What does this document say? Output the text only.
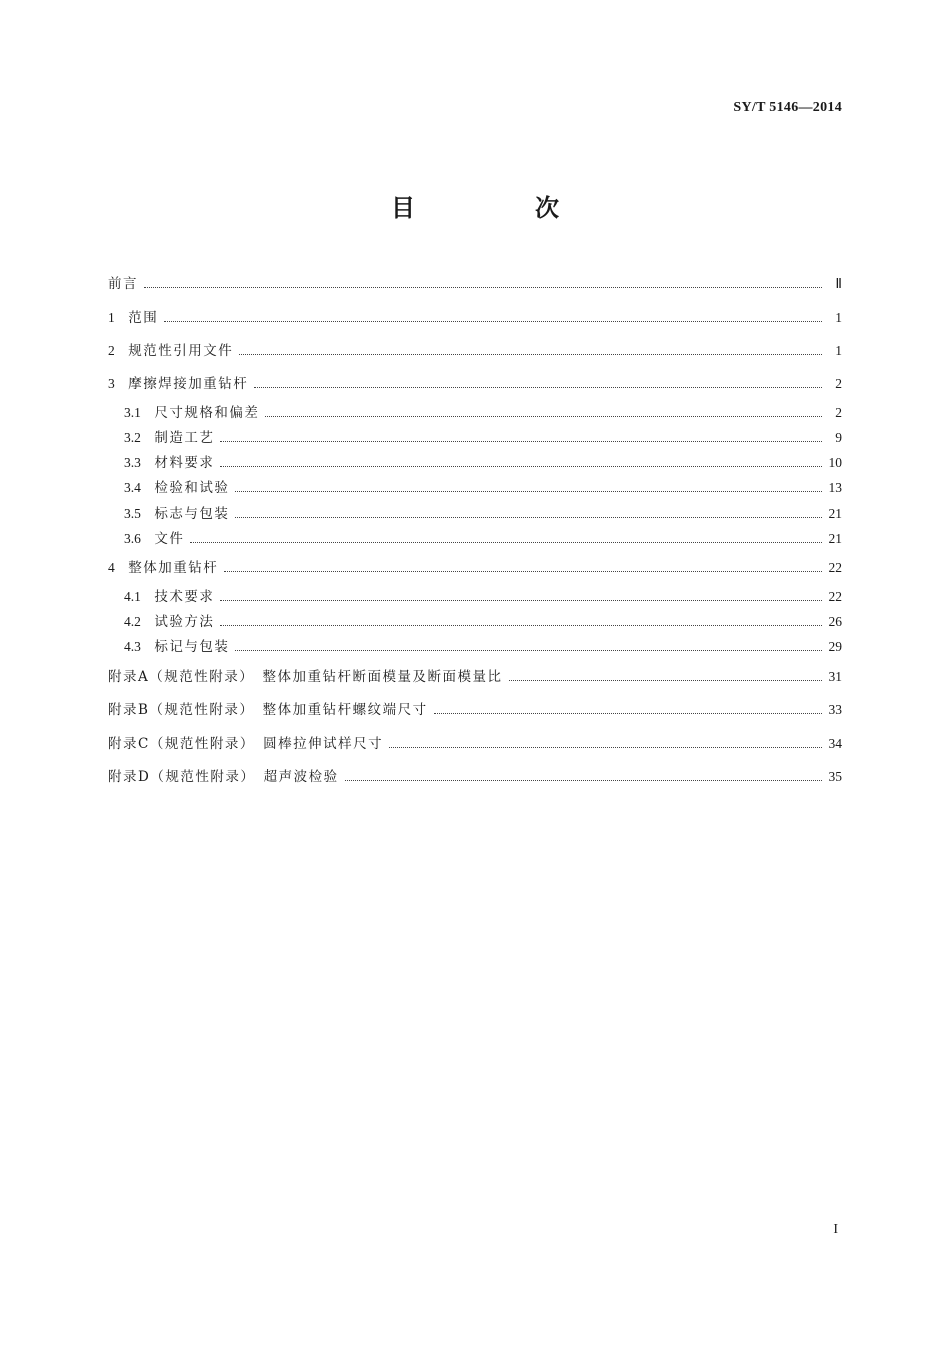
SY/T 5146—2014
目　次
前言	Ⅱ
1　 范围	1
2　 规范性引用文件	1
3　 摩擦焊接加重钻杆	2
3.1　 尺寸规格和偏差	2
3.2　 制造工艺	9
3.3　 材料要求	10
3.4　 检验和试验	13
3.5　 标志与包装	21
3.6　 文件	21
4　 整体加重钻杆	22
4.1　 技术要求	22
4.2　 试验方法	26
4.3　 标记与包装	29
附录A（规范性附录）　整体加重钻杆断面模量及断面模量比	31
附录B（规范性附录）　整体加重钻杆螺纹端尺寸	33
附录C（规范性附录）　圆棒拉伸试样尺寸	34
附录D（规范性附录）　超声波检验	35
I
